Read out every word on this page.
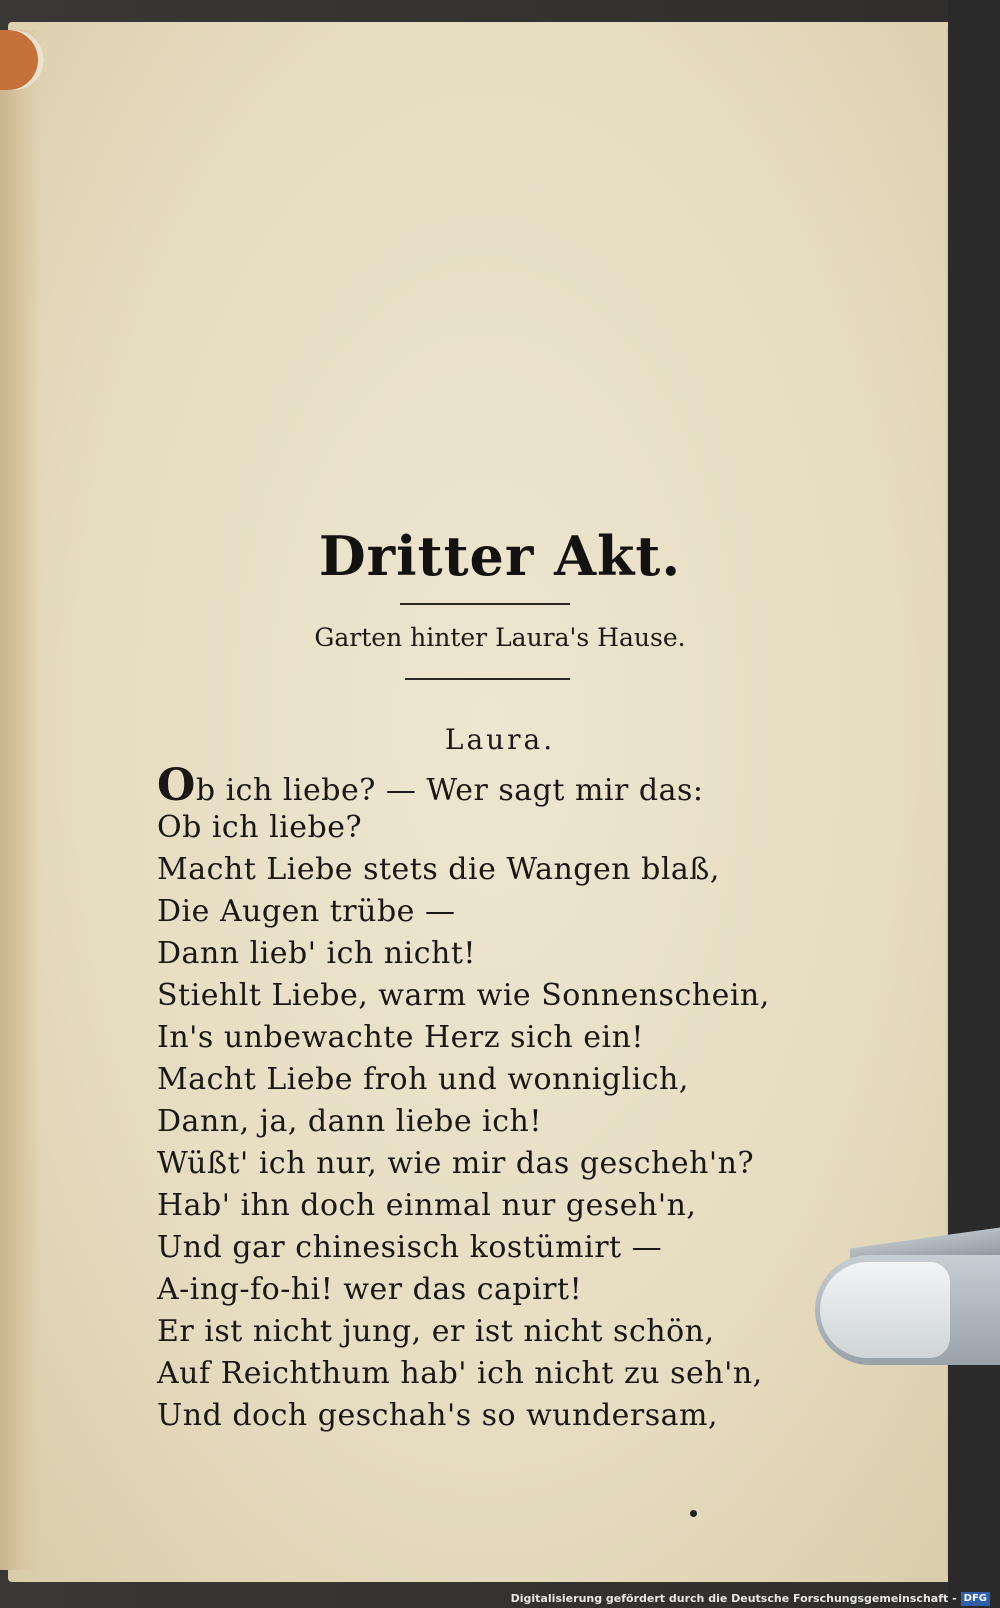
Dritter Akt.
Garten hinter Laura's Hause.
Laura.
Ob ich liebe? — Wer sagt mir das:
Ob ich liebe?
Macht Liebe stets die Wangen blaß,
Die Augen trübe —
Dann lieb' ich nicht!
Stiehlt Liebe, warm wie Sonnenschein,
In's unbewachte Herz sich ein!
Macht Liebe froh und wonniglich,
Dann, ja, dann liebe ich!
Wüßt' ich nur, wie mir das gescheh'n?
Hab' ihn doch einmal nur geseh'n,
Und gar chinesisch kostümirt —
A-ing-fo-hi! wer das capirt!
Er ist nicht jung, er ist nicht schön,
Auf Reichthum hab' ich nicht zu seh'n,
Und doch geschah's so wundersam,
Digitalisierung gefördert durch die Deutsche Forschungsgemeinschaft - DFG
